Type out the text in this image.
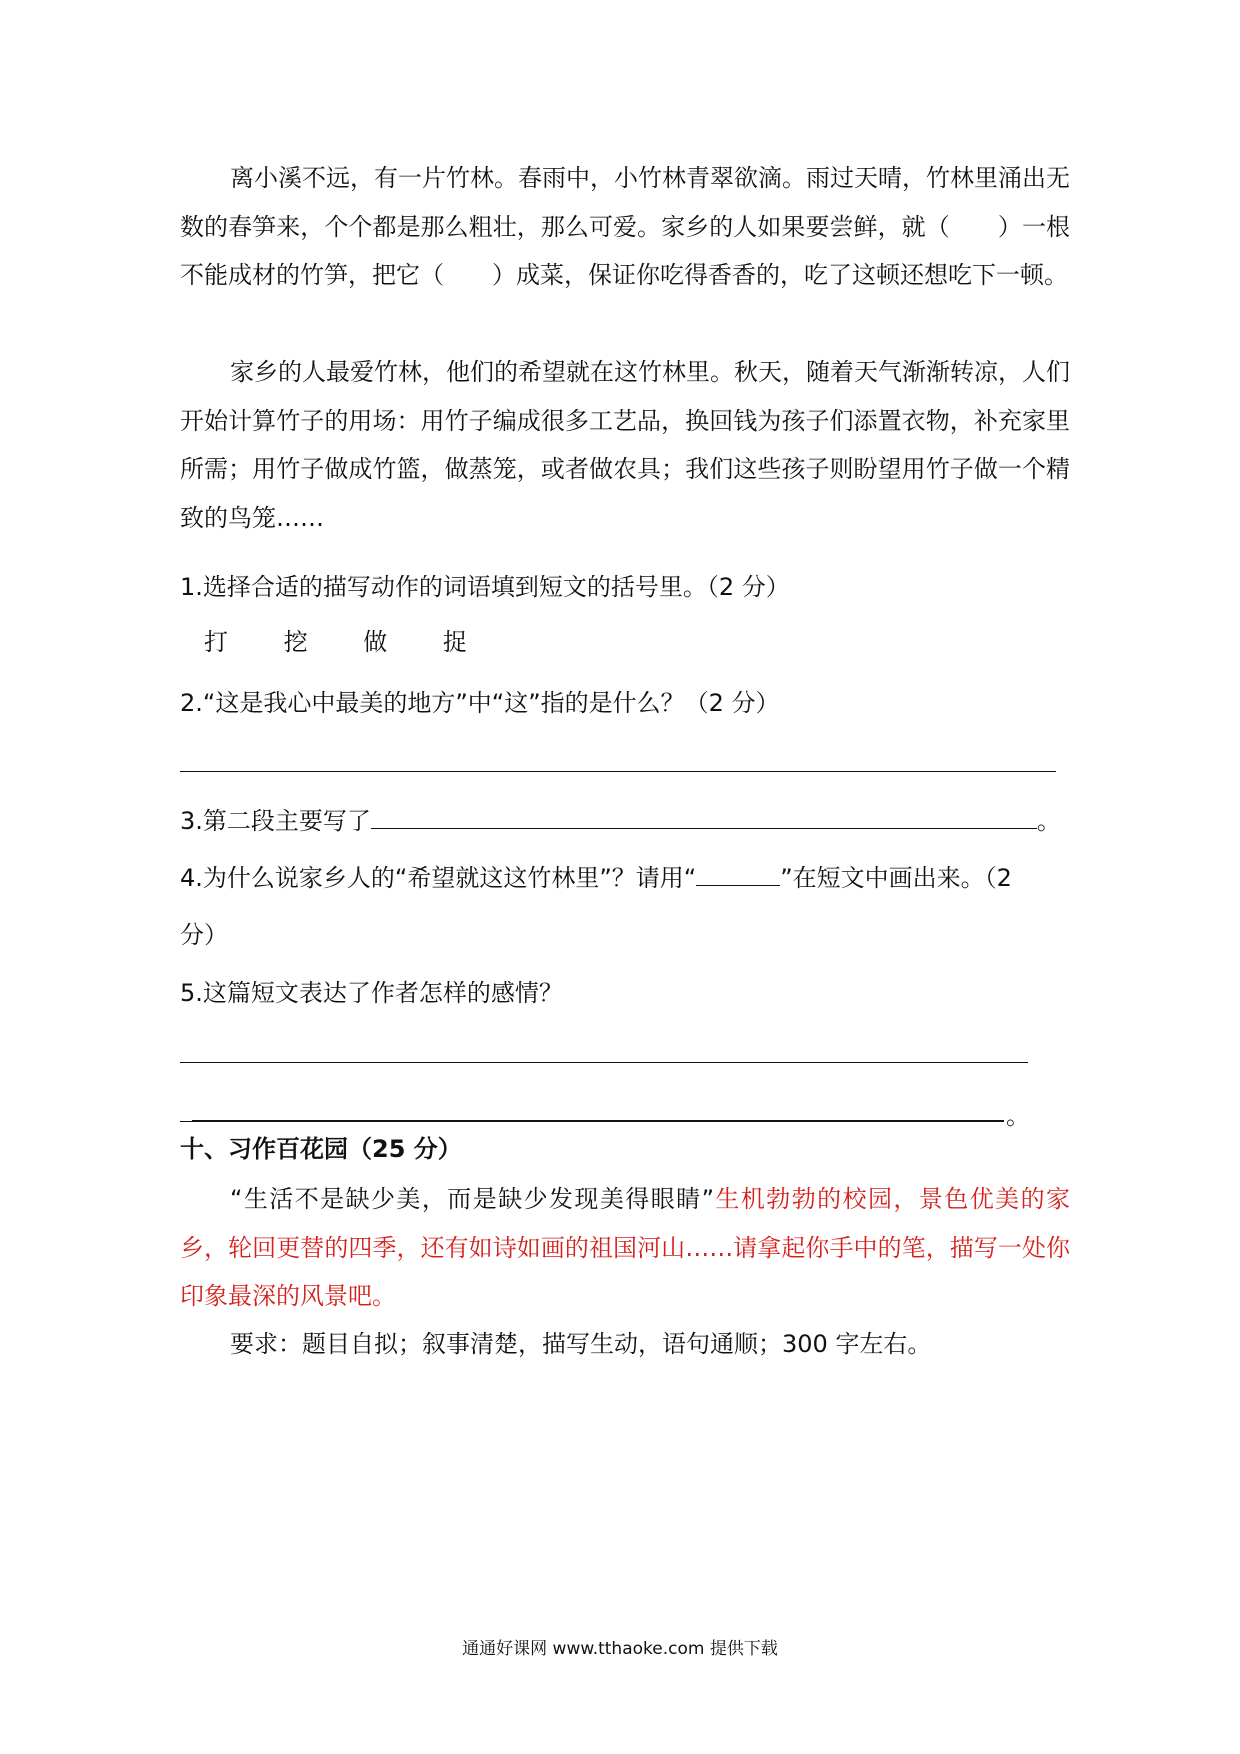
离小溪不远，有一片竹林。春雨中，小竹林青翠欲滴。雨过天晴，竹林里涌出无数的春笋来，个个都是那么粗壮，那么可爱。家乡的人如果要尝鲜，就（　　）一根不能成材的竹笋，把它（　　）成菜，保证你吃得香香的，吃了这顿还想吃下一顿。

家乡的人最爱竹林，他们的希望就在这竹林里。秋天，随着天气渐渐转凉，人们开始计算竹子的用场：用竹子编成很多工艺品，换回钱为孩子们添置衣物，补充家里所需；用竹子做成竹篮，做蒸笼，或者做农具；我们这些孩子则盼望用竹子做一个精致的鸟笼……

1.选择合适的描写动作的词语填到短文的括号里。（2 分）

打 挖 做 捉

2.“这是我心中最美的地方”中“这”指的是什么？（2 分）

3.第二段主要写了	。

4.为什么说家乡人的“希望就这这竹林里”？请用“	”在短文中画出来。（2

分）

5.这篇短文表达了作者怎样的感情？

。

十、习作百花园（25 分）

“生活不是缺少美，而是缺少发现美得眼睛”生机勃勃的校园，景色优美的家乡，轮回更替的四季，还有如诗如画的祖国河山……请拿起你手中的笔，描写一处你印象最深的风景吧。

要求：题目自拟；叙事清楚，描写生动，语句通顺；300 字左右。

通通好课网 www.tthaoke.com 提供下载
